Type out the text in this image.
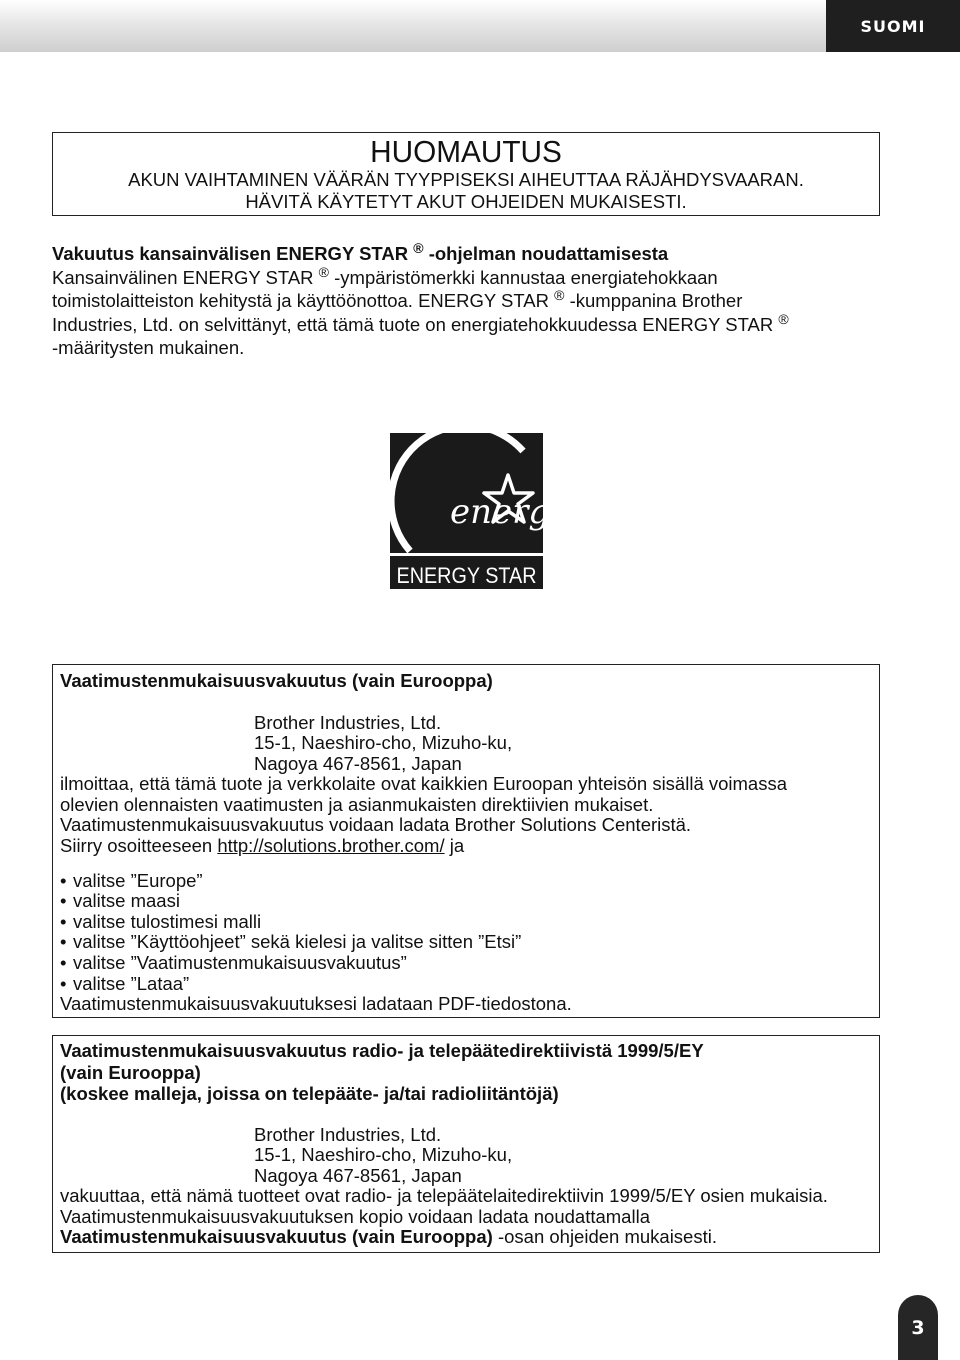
SUOMI
HUOMAUTUS

AKUN VAIHTAMINEN VÄÄRÄN TYYPPISEKSI AIHEUTTAA RÄJÄHDYSVAARAN.

HÄVITÄ KÄYTETYT AKUT OHJEIDEN MUKAISESTI.

Vakuutus kansainvälisen ENERGY STAR ® -ohjelman noudattamisesta
Kansainvälinen ENERGY STAR ® -ympäristömerkki kannustaa energiatehokkaan
toimistolaitteiston kehitystä ja käyttöönottoa. ENERGY STAR ® -kumppanina Brother
Industries, Ltd. on selvittänyt, että tämä tuote on energiatehokkuudessa ENERGY STAR ®
-määritysten mukainen.
energy
ENERGY STAR
Vaatimustenmukaisuusvakuutus (vain Eurooppa)
Brother Industries, Ltd.
15-1, Naeshiro-cho, Mizuho-ku,
Nagoya 467-8561, Japan
ilmoittaa, että tämä tuote ja verkkolaite ovat kaikkien Euroopan yhteisön sisällä voimassa
olevien olennaisten vaatimusten ja asianmukaisten direktiivien mukaiset.
Vaatimustenmukaisuusvakuutus voidaan ladata Brother Solutions Centeristä.
Siirry osoitteeseen http://solutions.brother.com/ ja
• valitse ”Europe”
• valitse maasi
• valitse tulostimesi malli
• valitse ”Käyttöohjeet” sekä kielesi ja valitse sitten ”Etsi”
• valitse ”Vaatimustenmukaisuusvakuutus”
• valitse ”Lataa”
Vaatimustenmukaisuusvakuutuksesi ladataan PDF-tiedostona.
Vaatimustenmukaisuusvakuutus radio- ja telepäätedirektiivistä 1999/5/EY
(vain Eurooppa)
(koskee malleja, joissa on telepääte- ja/tai radioliitäntöjä)
Brother Industries, Ltd.
15-1, Naeshiro-cho, Mizuho-ku,
Nagoya 467-8561, Japan
vakuuttaa, että nämä tuotteet ovat radio- ja telepäätelaitedirektiivin 1999/5/EY osien mukaisia.
Vaatimustenmukaisuusvakuutuksen kopio voidaan ladata noudattamalla
Vaatimustenmukaisuusvakuutus (vain Eurooppa) -osan ohjeiden mukaisesti.
3
